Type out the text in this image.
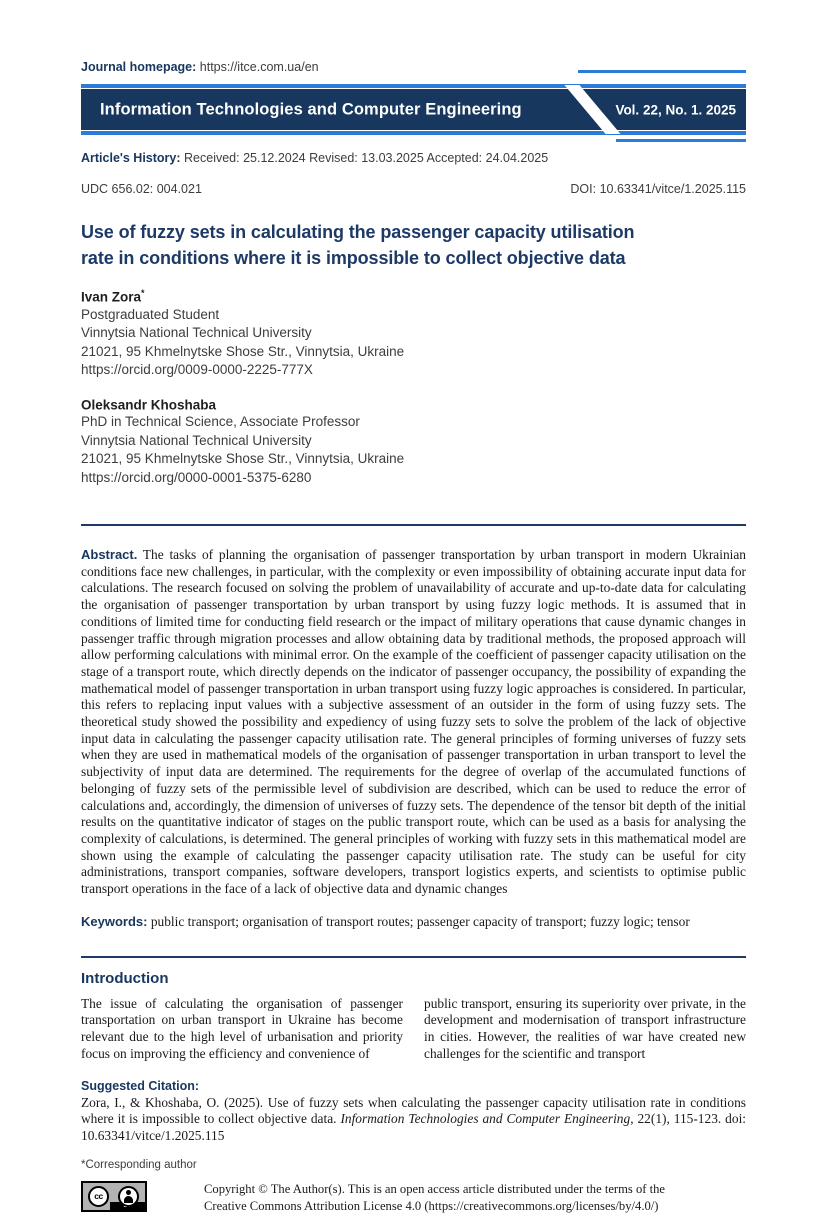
Journal homepage: https://itce.com.ua/en
Information Technologies and Computer Engineering	Vol. 22, No. 1. 2025
Article's History: Received: 25.12.2024 Revised: 13.03.2025 Accepted: 24.04.2025
UDC 656.02: 004.021	DOI: 10.63341/vitce/1.2025.115
Use of fuzzy sets in calculating the passenger capacity utilisation
rate in conditions where it is impossible to collect objective data
Ivan Zora*
Postgraduated Student
Vinnytsia National Technical University
21021, 95 Khmelnytske Shose Str., Vinnytsia, Ukraine
https://orcid.org/0009-0000-2225-777X
Oleksandr Khoshaba
PhD in Technical Science, Associate Professor
Vinnytsia National Technical University
21021, 95 Khmelnytske Shose Str., Vinnytsia, Ukraine
https://orcid.org/0000-0001-5375-6280

Abstract. The tasks of planning the organisation of passenger transportation by urban transport in modern Ukrainian conditions face new challenges, in particular, with the complexity or even impossibility of obtaining accurate input data for calculations. The research focused on solving the problem of unavailability of accurate and up-to-date data for calculating the organisation of passenger transportation by urban transport by using fuzzy logic methods. It is assumed that in conditions of limited time for conducting field research or the impact of military operations that cause dynamic changes in passenger traffic through migration processes and allow obtaining data by traditional methods, the proposed approach will allow performing calculations with minimal error. On the example of the coefficient of passenger capacity utilisation on the stage of a transport route, which directly depends on the indicator of passenger occupancy, the possibility of expanding the mathematical model of passenger transportation in urban transport using fuzzy logic approaches is considered. In particular, this refers to replacing input values with a subjective assessment of an outsider in the form of using fuzzy sets. The theoretical study showed the possibility and expediency of using fuzzy sets to solve the problem of the lack of objective input data in calculating the passenger capacity utilisation rate. The general principles of forming universes of fuzzy sets when they are used in mathematical models of the organisation of passenger transportation in urban transport to level the subjectivity of input data are determined. The requirements for the degree of overlap of the accumulated functions of belonging of fuzzy sets of the permissible level of subdivision are described, which can be used to reduce the error of calculations and, accordingly, the dimension of universes of fuzzy sets. The dependence of the tensor bit depth of the initial results on the quantitative indicator of stages on the public transport route, which can be used as a basis for analysing the complexity of calculations, is determined. The general principles of working with fuzzy sets in this mathematical model are shown using the example of calculating the passenger capacity utilisation rate. The study can be useful for city administrations, transport companies, software developers, transport logistics experts, and scientists to optimise public transport operations in the face of a lack of objective data and dynamic changes

Keywords: public transport; organisation of transport routes; passenger capacity of transport; fuzzy logic; tensor

Introduction
The issue of calculating the organisation of passenger transportation on urban transport in Ukraine has become relevant due to the high level of urbanisation and priority focus on improving the efficiency and convenience of
public transport, ensuring its superiority over private, in the development and modernisation of transport infrastructure in cities. However, the realities of war have created new challenges for the scientific and transport
Suggested Citation:

Zora, I., & Khoshaba, O. (2025). Use of fuzzy sets when calculating the passenger capacity utilisation rate in conditions where it is impossible to collect objective data. Information Technologies and Computer Engineering, 22(1), 115-123. doi: 10.63341/vitce/1.2025.115

*Corresponding author
cc
Copyright © The Author(s). This is an open access article distributed under the terms of the
Creative Commons Attribution License 4.0 (https://creativecommons.org/licenses/by/4.0/)
